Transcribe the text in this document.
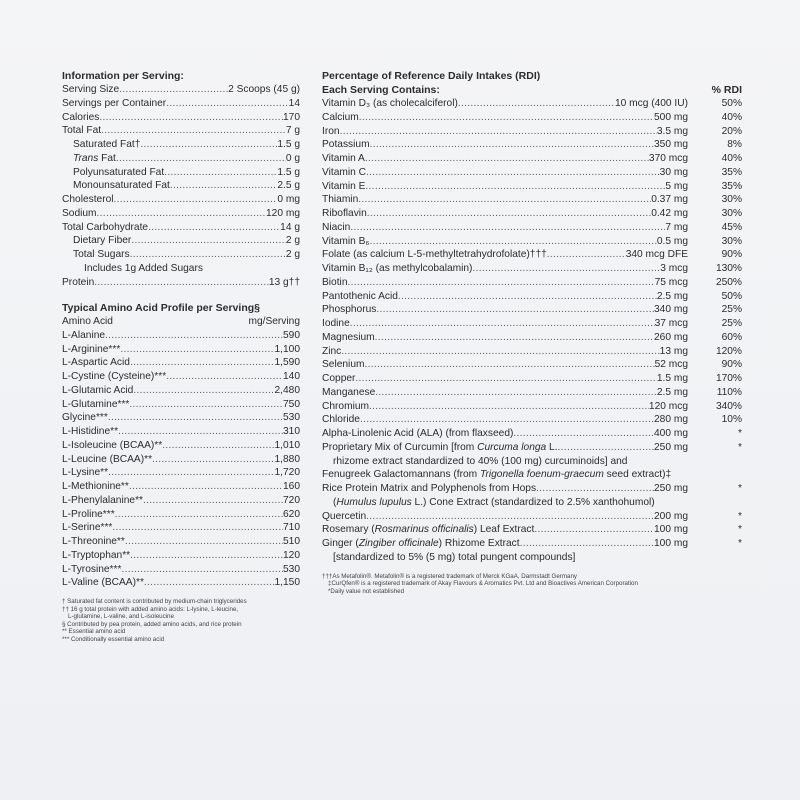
Information per Serving:
Serving Size .....	2 Scoops (45 g)
Servings per Container .....	14
Calories .....	170
Total Fat .....	7 g
Saturated Fat† .....	1.5 g
Trans Fat .....	0 g
Polyunsaturated Fat .....	1.5 g
Monounsaturated Fat .....	2.5 g
Cholesterol .....	0 mg
Sodium .....	120 mg
Total Carbohydrate .....	14 g
Dietary Fiber .....	2 g
Total Sugars .....	2 g
Includes 1g Added Sugars
Protein .....	13 g††
Typical Amino Acid Profile per Serving§
Amino Acid	mg/Serving
L-Alanine .....	590
L-Arginine*** .....	1,100
L-Aspartic Acid .....	1,590
L-Cystine (Cysteine)*** .....	140
L-Glutamic Acid .....	2,480
L-Glutamine*** .....	750
Glycine*** .....	530
L-Histidine** .....	310
L-Isoleucine (BCAA)** .....	1,010
L-Leucine (BCAA)** .....	1,880
L-Lysine** .....	1,720
L-Methionine** .....	160
L-Phenylalanine** .....	720
L-Proline*** .....	620
L-Serine*** .....	710
L-Threonine** .....	510
L-Tryptophan** .....	120
L-Tyrosine*** .....	530
L-Valine (BCAA)** .....	1,150
† Saturated fat content is contributed by medium-chain triglycerides
†† 16 g total protein with added amino acids: L-lysine, L-leucine,
L-glutamine, L-valine, and L-isoleucine
§ Contributed by pea protein, added amino acids, and rice protein
** Essential amino acid
*** Conditionally essential amino acid
Percentage of Reference Daily Intakes (RDI)
Each Serving Contains:	% RDI
Vitamin D₃ (as cholecalciferol) .....	10 mcg (400 IU)	50%
Calcium .....	500 mg	40%
Iron .....	3.5 mg	20%
Potassium .....	350 mg	8%
Vitamin A .....	370 mcg	40%
Vitamin C .....	30 mg	35%
Vitamin E .....	5 mg	35%
Thiamin .....	0.37 mg	30%
Riboflavin .....	0.42 mg	30%
Niacin .....	7 mg	45%
Vitamin B₆ .....	0.5 mg	30%
Folate (as calcium L-5-methyltetrahydrofolate)††† .....	340 mcg DFE	90%
Vitamin B₁₂ (as methylcobalamin) .....	3 mcg	130%
Biotin .....	75 mcg	250%
Pantothenic Acid .....	2.5 mg	50%
Phosphorus .....	340 mg	25%
Iodine .....	37 mcg	25%
Magnesium .....	260 mg	60%
Zinc .....	13 mg	120%
Selenium .....	52 mcg	90%
Copper .....	1.5 mg	170%
Manganese .....	2.5 mg	110%
Chromium .....	120 mcg	340%
Chloride .....	280 mg	10%
Alpha-Linolenic Acid (ALA) (from flaxseed) .....	400 mg	*
Proprietary Mix of Curcumin [from Curcuma longa L. .....	250 mg	*
rhizome extract standardized to 40% (100 mg) curcuminoids] and
Fenugreek Galactomannans (from Trigonella foenum-graecum seed extract)‡
Rice Protein Matrix and Polyphenols from Hops .....	250 mg	*
(Humulus lupulus L.) Cone Extract (standardized to 2.5% xanthohumol)
Quercetin .....	200 mg	*
Rosemary (Rosmarinus officinalis) Leaf Extract .....	100 mg	*
Ginger (Zingiber officinale) Rhizome Extract .....	100 mg	*
[standardized to 5% (5 mg) total pungent compounds]
†††As Metafolin®. Metafolin® is a registered trademark of Merck KGaA, Darmstadt Germany
‡CurQfen® is a registered trademark of Akay Flavours & Aromatics Pvt. Ltd and Bioactives American Corporation
*Daily value not established
